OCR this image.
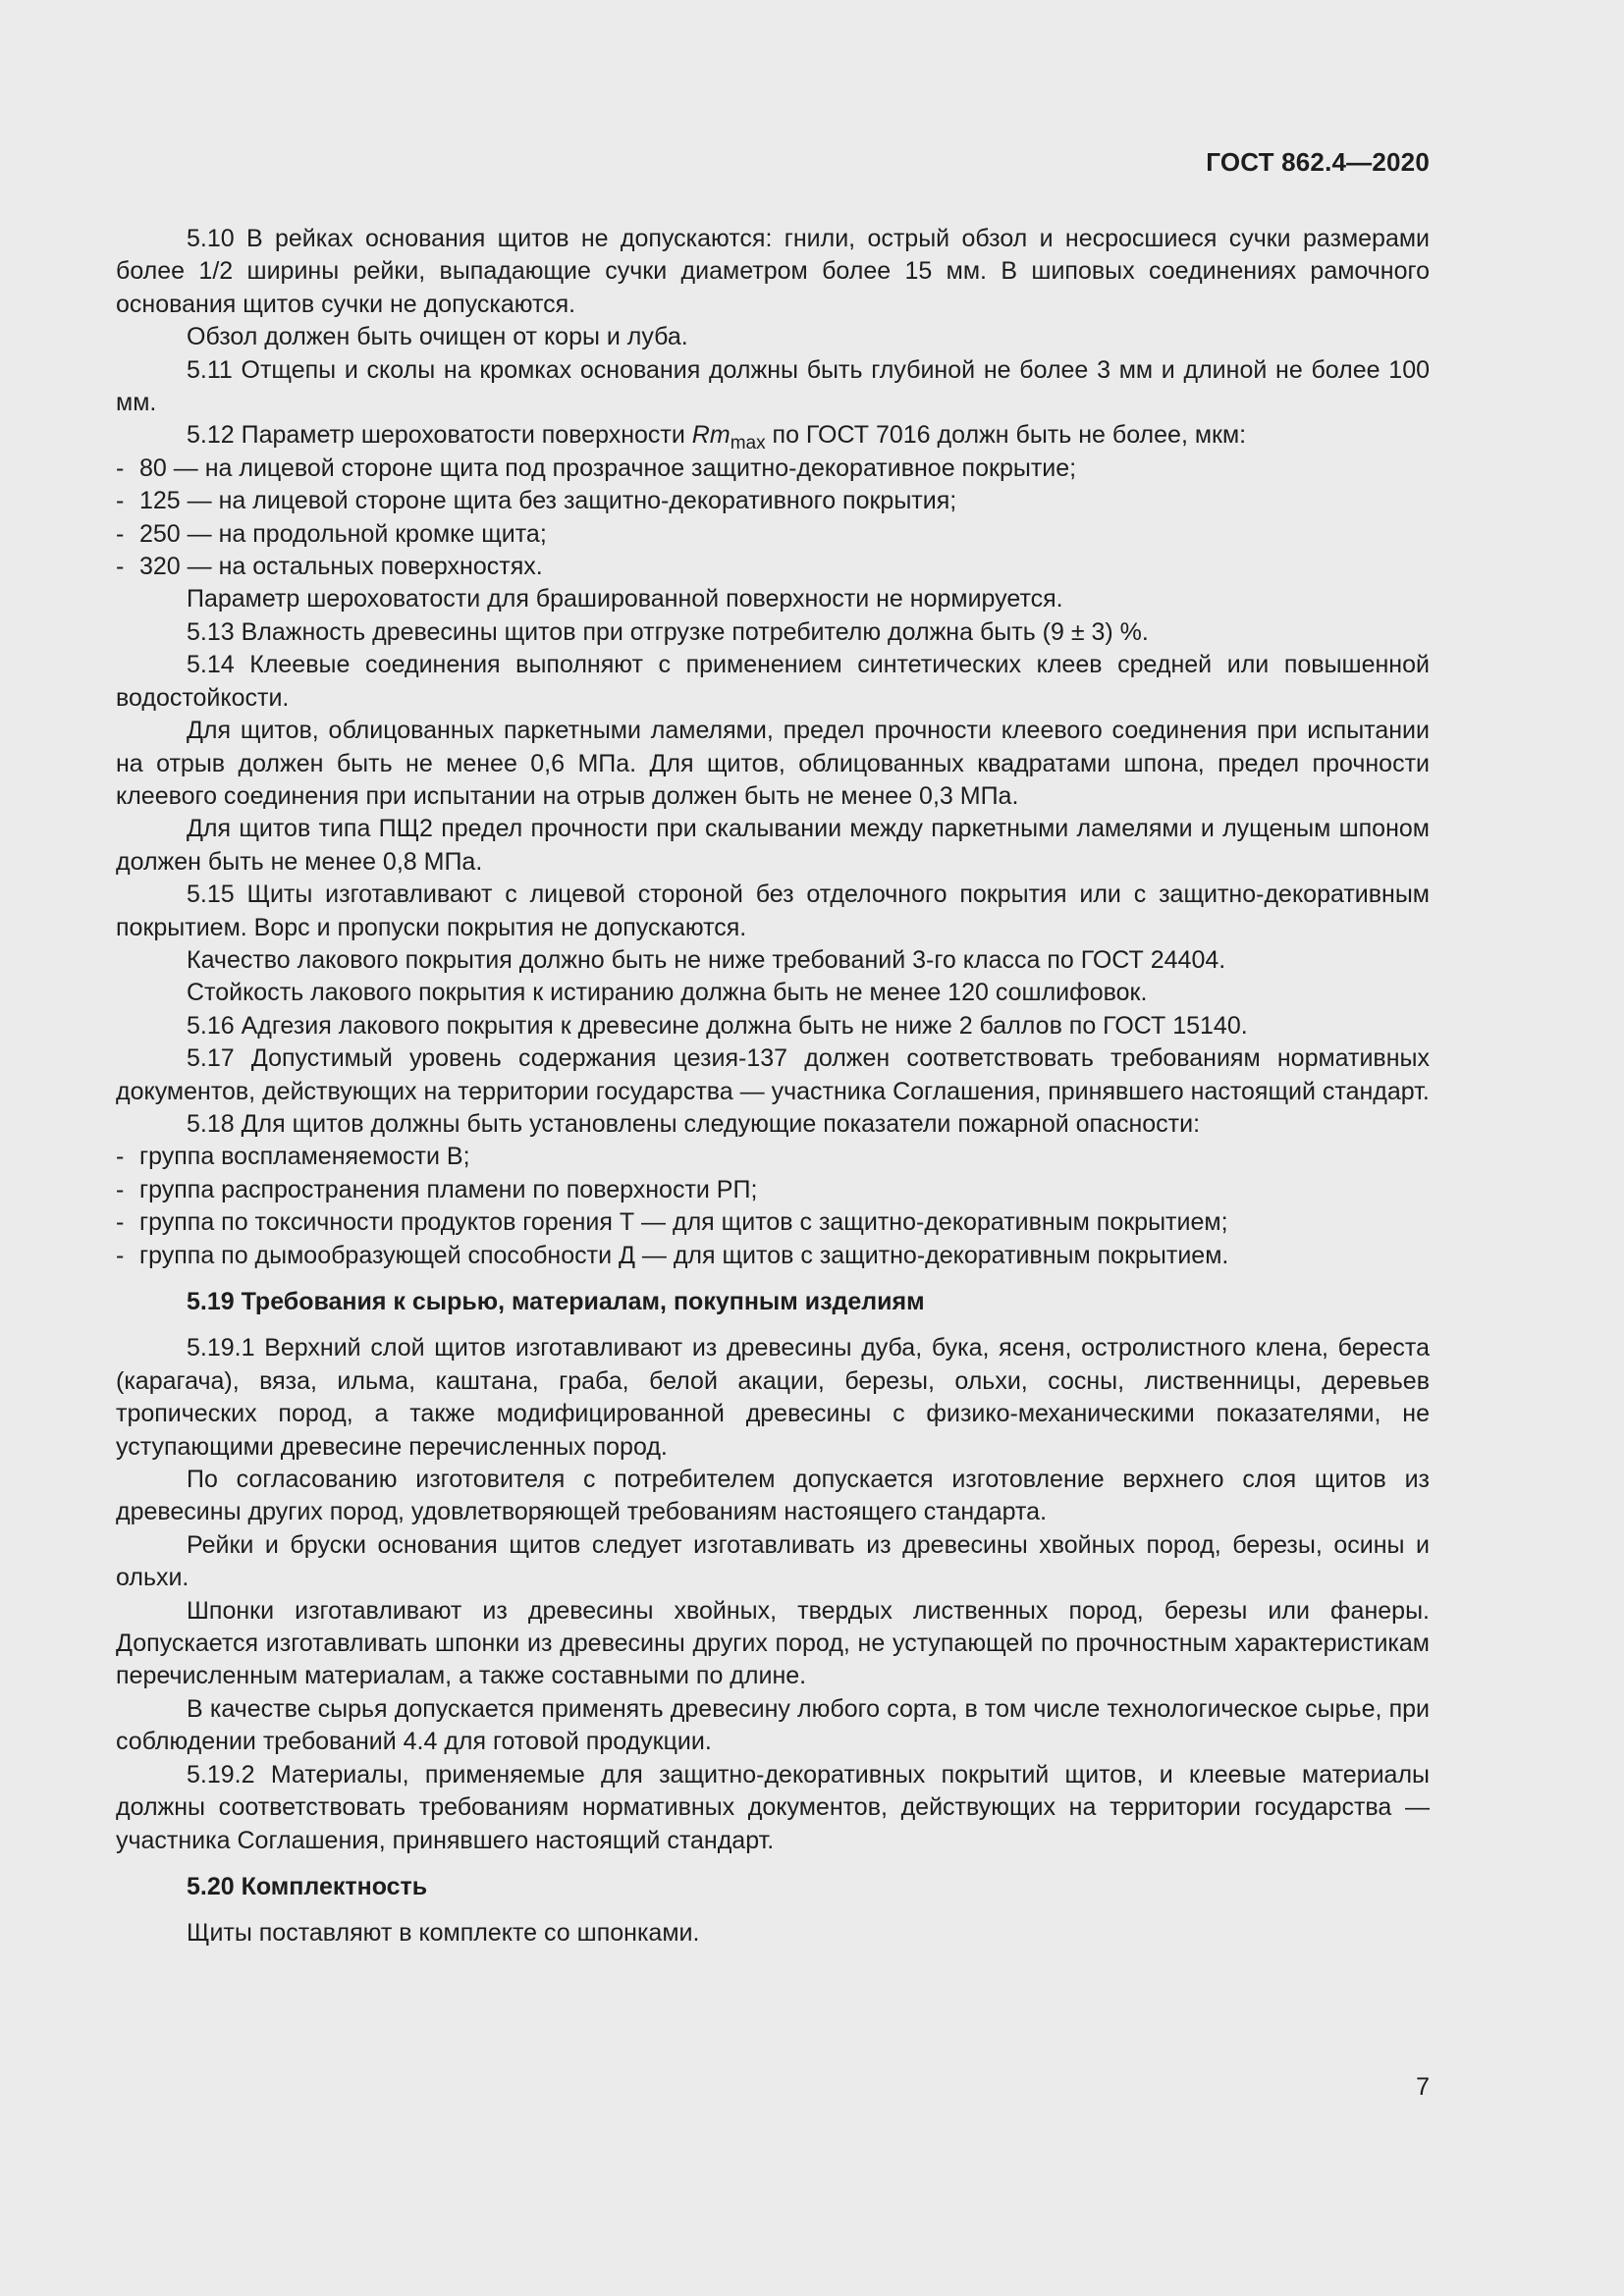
ГОСТ 862.4—2020

5.10 В рейках основания щитов не допускаются: гнили, острый обзол и несросшиеся сучки размерами более 1/2 ширины рейки, выпадающие сучки диаметром более 15 мм. В шиповых соединениях рамочного основания щитов сучки не допускаются.

Обзол должен быть очищен от коры и луба.

5.11 Отщепы и сколы на кромках основания должны быть глубиной не более 3 мм и длиной не более 100 мм.

5.12 Параметр шероховатости поверхности $Rm_{max}$ по ГОСТ 7016 должн быть не более, мкм:

- 80 — на лицевой стороне щита под прозрачное защитно-декоративное покрытие;

- 125 — на лицевой стороне щита без защитно-декоративного покрытия;

- 250 — на продольной кромке щита;

- 320 — на остальных поверхностях.

Параметр шероховатости для брашированной поверхности не нормируется.

5.13 Влажность древесины щитов при отгрузке потребителю должна быть (9 ± 3) %.

5.14 Клеевые соединения выполняют с применением синтетических клеев средней или повышенной водостойкости.

Для щитов, облицованных паркетными ламелями, предел прочности клеевого соединения при испытании на отрыв должен быть не менее 0,6 МПа. Для щитов, облицованных квадратами шпона, предел прочности клеевого соединения при испытании на отрыв должен быть не менее 0,3 МПа.

Для щитов типа ПЩ2 предел прочности при скалывании между паркетными ламелями и лущеным шпоном должен быть не менее 0,8 МПа.

5.15 Щиты изготавливают с лицевой стороной без отделочного покрытия или с защитно-декоративным покрытием. Ворс и пропуски покрытия не допускаются.

Качество лакового покрытия должно быть не ниже требований 3-го класса по ГОСТ 24404.

Стойкость лакового покрытия к истиранию должна быть не менее 120 сошлифовок.

5.16 Адгезия лакового покрытия к древесине должна быть не ниже 2 баллов по ГОСТ 15140.

5.17 Допустимый уровень содержания цезия-137 должен соответствовать требованиям нормативных документов, действующих на территории государства — участника Соглашения, принявшего настоящий стандарт.

5.18 Для щитов должны быть установлены следующие показатели пожарной опасности:

- группа воспламеняемости В;

- группа распространения пламени по поверхности РП;

- группа по токсичности продуктов горения Т — для щитов с защитно-декоративным покрытием;

- группа по дымообразующей способности Д — для щитов с защитно-декоративным покрытием.

5.19 Требования к сырью, материалам, покупным изделиям

5.19.1 Верхний слой щитов изготавливают из древесины дуба, бука, ясеня, остролистного клена, береста (карагача), вяза, ильма, каштана, граба, белой акации, березы, ольхи, сосны, лиственницы, деревьев тропических пород, а также модифицированной древесины с физико-механическими показателями, не уступающими древесине перечисленных пород.

По согласованию изготовителя с потребителем допускается изготовление верхнего слоя щитов из древесины других пород, удовлетворяющей требованиям настоящего стандарта.

Рейки и бруски основания щитов следует изготавливать из древесины хвойных пород, березы, осины и ольхи.

Шпонки изготавливают из древесины хвойных, твердых лиственных пород, березы или фанеры. Допускается изготавливать шпонки из древесины других пород, не уступающей по прочностным характеристикам перечисленным материалам, а также составными по длине.

В качестве сырья допускается применять древесину любого сорта, в том числе технологическое сырье, при соблюдении требований 4.4 для готовой продукции.

5.19.2 Материалы, применяемые для защитно-декоративных покрытий щитов, и клеевые материалы должны соответствовать требованиям нормативных документов, действующих на территории государства — участника Соглашения, принявшего настоящий стандарт.

5.20 Комплектность

Щиты поставляют в комплекте со шпонками.

7
